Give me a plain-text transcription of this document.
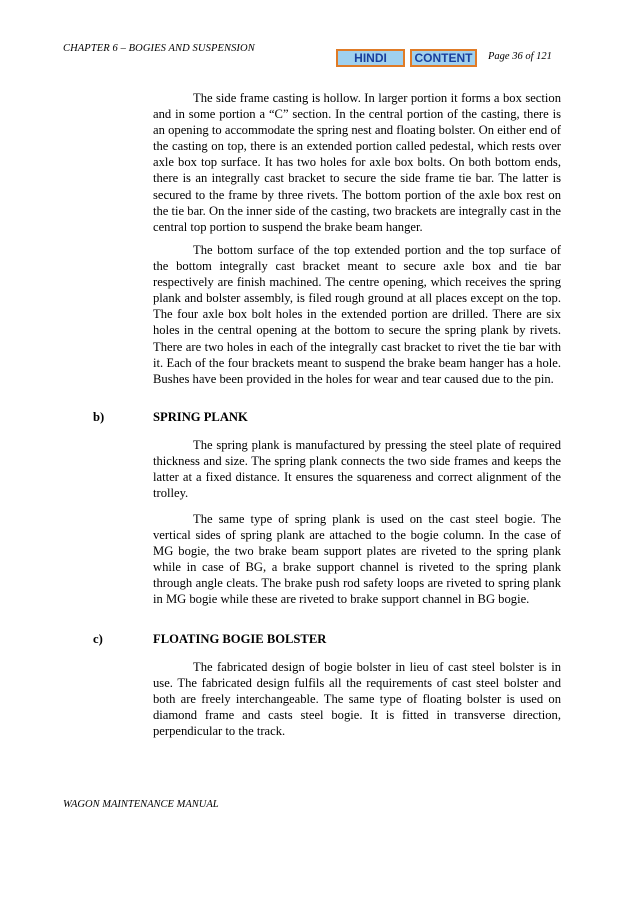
CHAPTER 6 – BOGIES AND SUSPENSION
HINDI	CONTENT	Page 36 of 121
The side frame casting is hollow. In larger portion it forms a box section and in some portion a “C” section. In the central portion of the casting, there is an opening to accommodate the spring nest and floating bolster. On either end of the casting on top, there is an extended portion called pedestal, which rests over axle box top surface. It has two holes for axle box bolts. On both bottom ends, there is an integrally cast bracket to secure the side frame tie bar. The latter is secured to the frame by three rivets. The bottom portion of the axle box rest on the tie bar. On the inner side of the casting, two brackets are integrally cast in the central top portion to suspend the brake beam hanger.
The bottom surface of the top extended portion and the top surface of the bottom integrally cast bracket meant to secure axle box and tie bar respectively are finish machined. The centre opening, which receives the spring plank and bolster assembly, is filed rough ground at all places except on the top. The four axle box bolt holes in the extended portion are drilled. There are six holes in the central opening at the bottom to secure the spring plank by rivets. There are two holes in each of the integrally cast bracket to rivet the tie bar with it. Each of the four brackets meant to suspend the brake beam hanger has a hole. Bushes have been provided in the holes for wear and tear caused due to the pin.
b)	SPRING PLANK
The spring plank is manufactured by pressing the steel plate of required thickness and size. The spring plank connects the two side frames and keeps the latter at a fixed distance. It ensures the squareness and correct alignment of the trolley.
The same type of spring plank is used on the cast steel bogie. The vertical sides of spring plank are attached to the bogie column. In the case of MG bogie, the two brake beam support plates are riveted to the spring plank while in case of BG, a brake support channel is riveted to the spring plank through angle cleats. The brake push rod safety loops are riveted to spring plank in MG bogie while these are riveted to brake support channel in BG bogie.
c)	FLOATING BOGIE BOLSTER
The fabricated design of bogie bolster in lieu of cast steel bolster is in use. The fabricated design fulfils all the requirements of cast steel bolster and both are freely interchangeable. The same type of floating bolster is used on diamond frame and casts steel bogie. It is fitted in transverse direction, perpendicular to the track.
WAGON MAINTENANCE MANUAL
